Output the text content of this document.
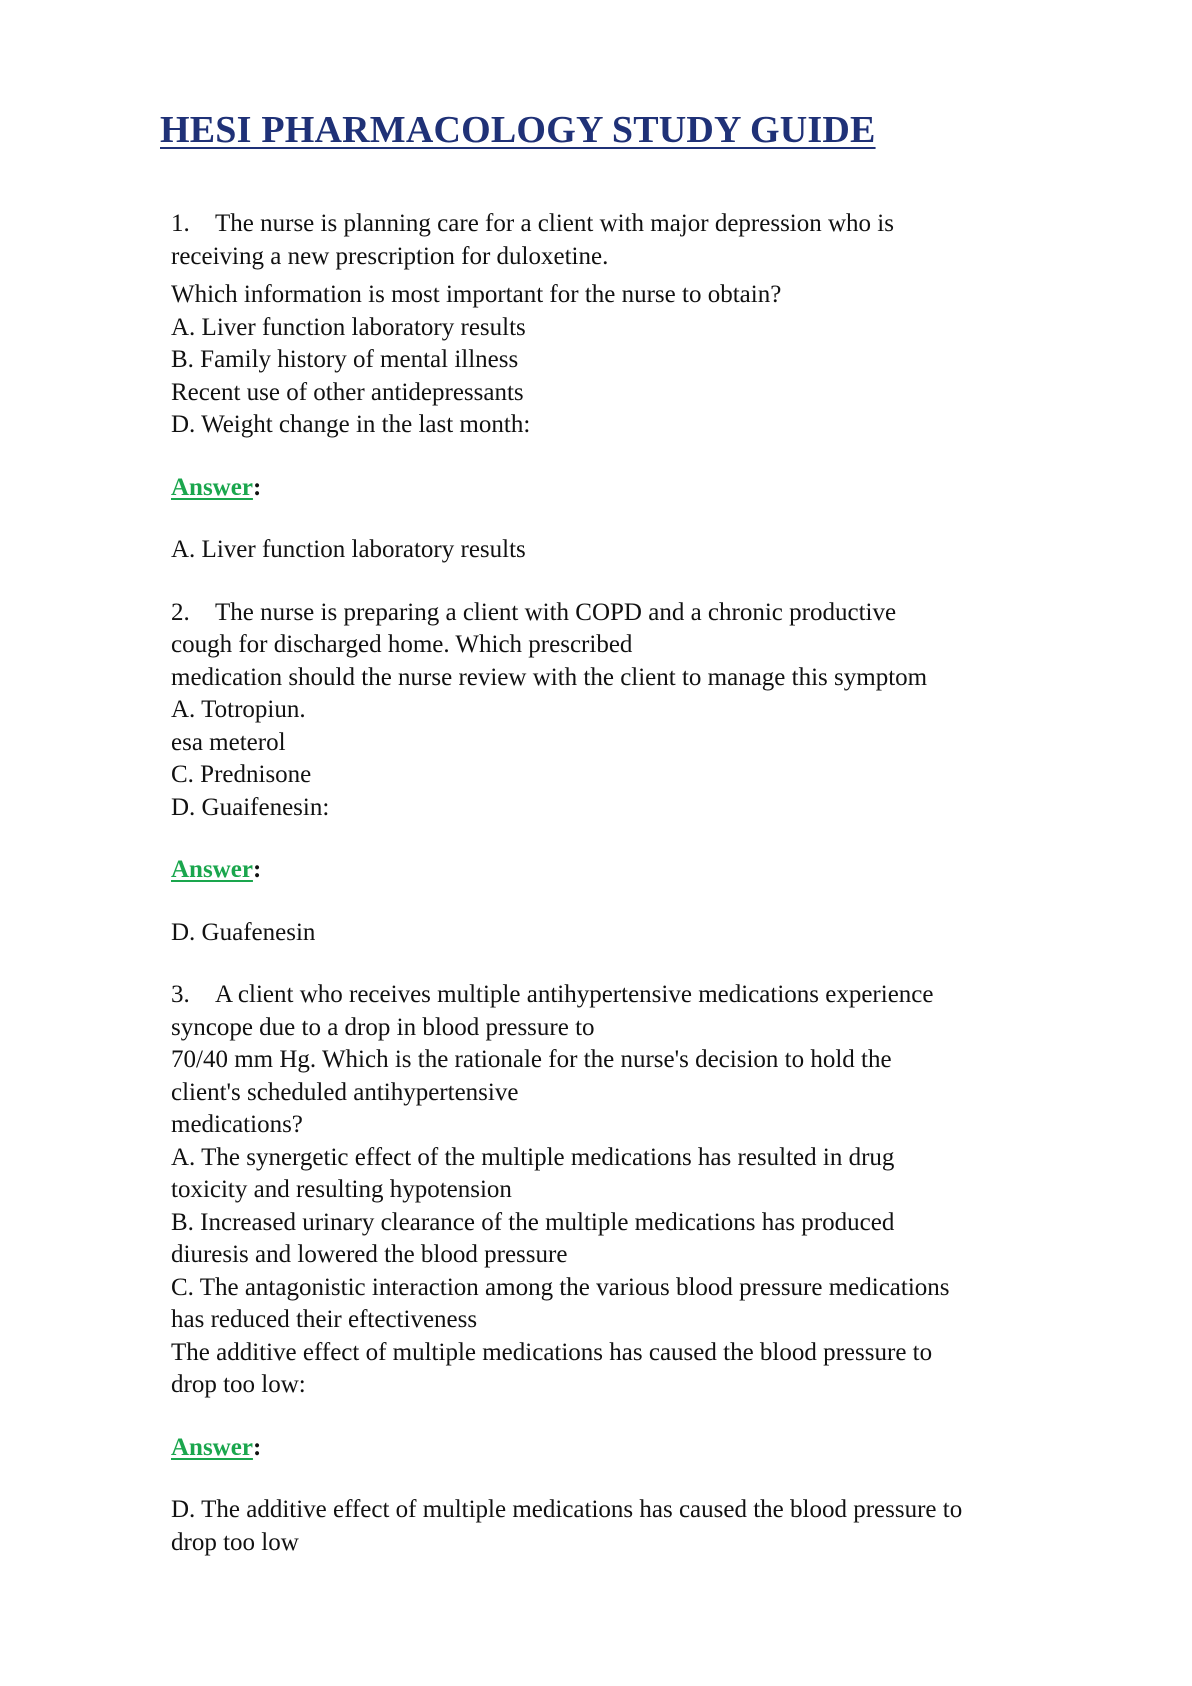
HESI PHARMACOLOGY STUDY GUIDE

1. The nurse is planning care for a client with major depression who is

receiving a new prescription for duloxetine.

Which information is most important for the nurse to obtain?

A. Liver function laboratory results

B. Family history of mental illness

Recent use of other antidepressants

D. Weight change in the last month:

Answer:

A. Liver function laboratory results

2. The nurse is preparing a client with COPD and a chronic productive

cough for discharged home. Which prescribed

medication should the nurse review with the client to manage this symptom

A. Totropiun.

esa meterol

C. Prednisone

D. Guaifenesin:

Answer:

D. Guafenesin

3. A client who receives multiple antihypertensive medications experience

syncope due to a drop in blood pressure to

70/40 mm Hg. Which is the rationale for the nurse's decision to hold the

client's scheduled antihypertensive

medications?

A. The synergetic effect of the multiple medications has resulted in drug

toxicity and resulting hypotension

B. Increased urinary clearance of the multiple medications has produced

diuresis and lowered the blood pressure

C. The antagonistic interaction among the various blood pressure medications

has reduced their eftectiveness

The additive effect of multiple medications has caused the blood pressure to

drop too low:

Answer:

D. The additive effect of multiple medications has caused the blood pressure to

drop too low
